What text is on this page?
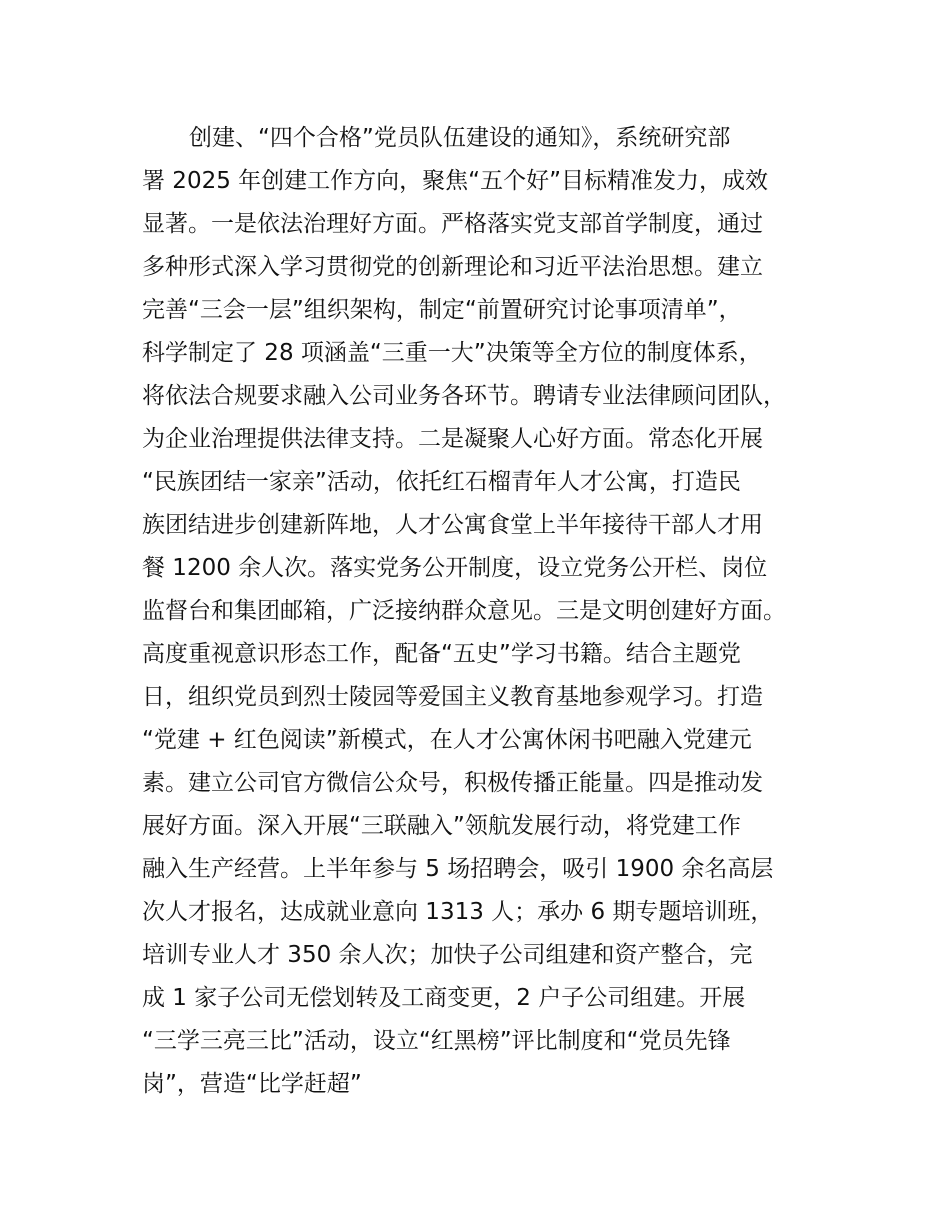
创建、“四个合格”党员队伍建设的通知》，系统研究部
署 2025 年创建工作方向，聚焦“五个好”目标精准发力，成效
显著。一是依法治理好方面。严格落实党支部首学制度，通过
多种形式深入学习贯彻党的创新理论和习近平法治思想。建立
完善“三会一层”组织架构，制定“前置研究讨论事项清单”，
科学制定了 28 项涵盖“三重一大”决策等全方位的制度体系，
将依法合规要求融入公司业务各环节。聘请专业法律顾问团队，
为企业治理提供法律支持。二是凝聚人心好方面。常态化开展
“民族团结一家亲”活动，依托红石榴青年人才公寓，打造民
族团结进步创建新阵地，人才公寓食堂上半年接待干部人才用
餐 1200 余人次。落实党务公开制度，设立党务公开栏、岗位
监督台和集团邮箱，广泛接纳群众意见。三是文明创建好方面。
高度重视意识形态工作，配备“五史”学习书籍。结合主题党
日，组织党员到烈士陵园等爱国主义教育基地参观学习。打造
“党建 + 红色阅读”新模式，在人才公寓休闲书吧融入党建元
素。建立公司官方微信公众号，积极传播正能量。四是推动发
展好方面。深入开展“三联融入”领航发展行动，将党建工作
融入生产经营。上半年参与 5 场招聘会，吸引 1900 余名高层
次人才报名，达成就业意向 1313 人；承办 6 期专题培训班，
培训专业人才 350 余人次；加快子公司组建和资产整合，完
成 1 家子公司无偿划转及工商变更，2 户子公司组建。开展
“三学三亮三比”活动，设立“红黑榜”评比制度和“党员先锋
岗”，营造“比学赶超”
